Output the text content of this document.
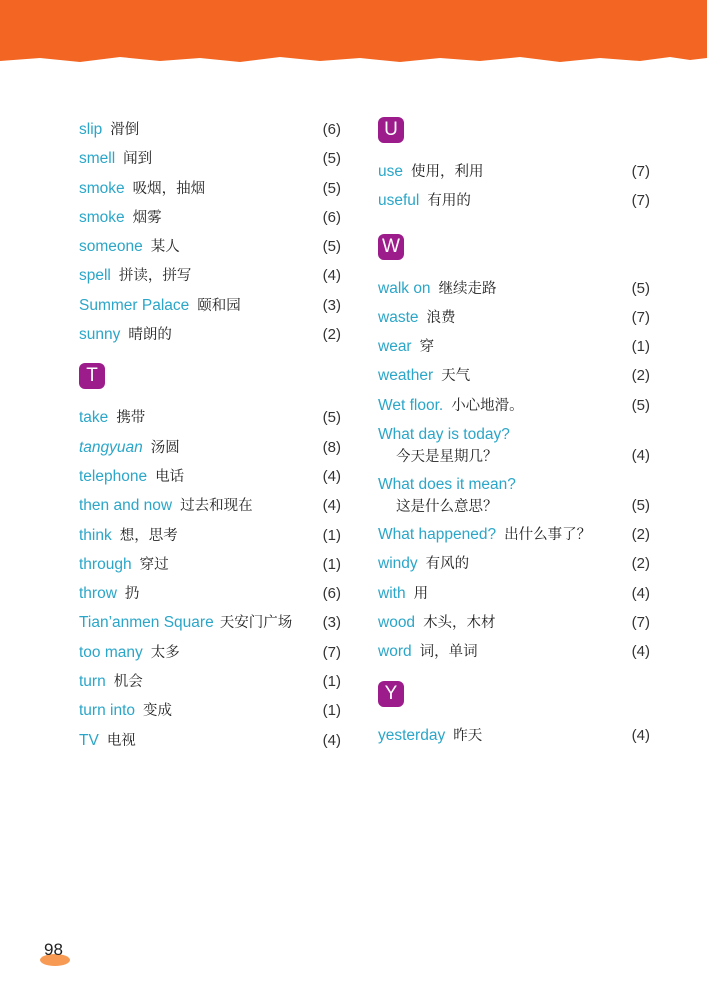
slip 滑倒	(6)
smell 闻到	(5)
smoke 吸烟，抽烟	(5)
smoke 烟雾	(6)
someone 某人	(5)
spell 拼读，拼写	(4)
Summer Palace 颐和园	(3)
sunny 晴朗的	(2)
T
take 携带	(5)
tangyuan 汤圆	(8)
telephone 电话	(4)
then and now 过去和现在	(4)
think 想，思考	(1)
through 穿过	(1)
throw 扔	(6)
Tian’anmen Square 天安门广场 (3)
too many 太多	(7)
turn 机会	(1)
turn into 变成	(1)
TV 电视	(4)
U
use 使用，利用	(7)
useful 有用的	(7)
W
walk on 继续走路	(5)
waste 浪费	(7)
wear 穿	(1)
weather 天气	(2)
Wet floor. 小心地滑。	(5)
What day is today?
今天是星期几？	(4)
What does it mean?
这是什么意思？	(5)
What happened? 出什么事了？	(2)
windy 有风的	(2)
with 用	(4)
wood 木头，木材	(7)
word 词，单词	(4)
Y
yesterday 昨天	(4)
98
